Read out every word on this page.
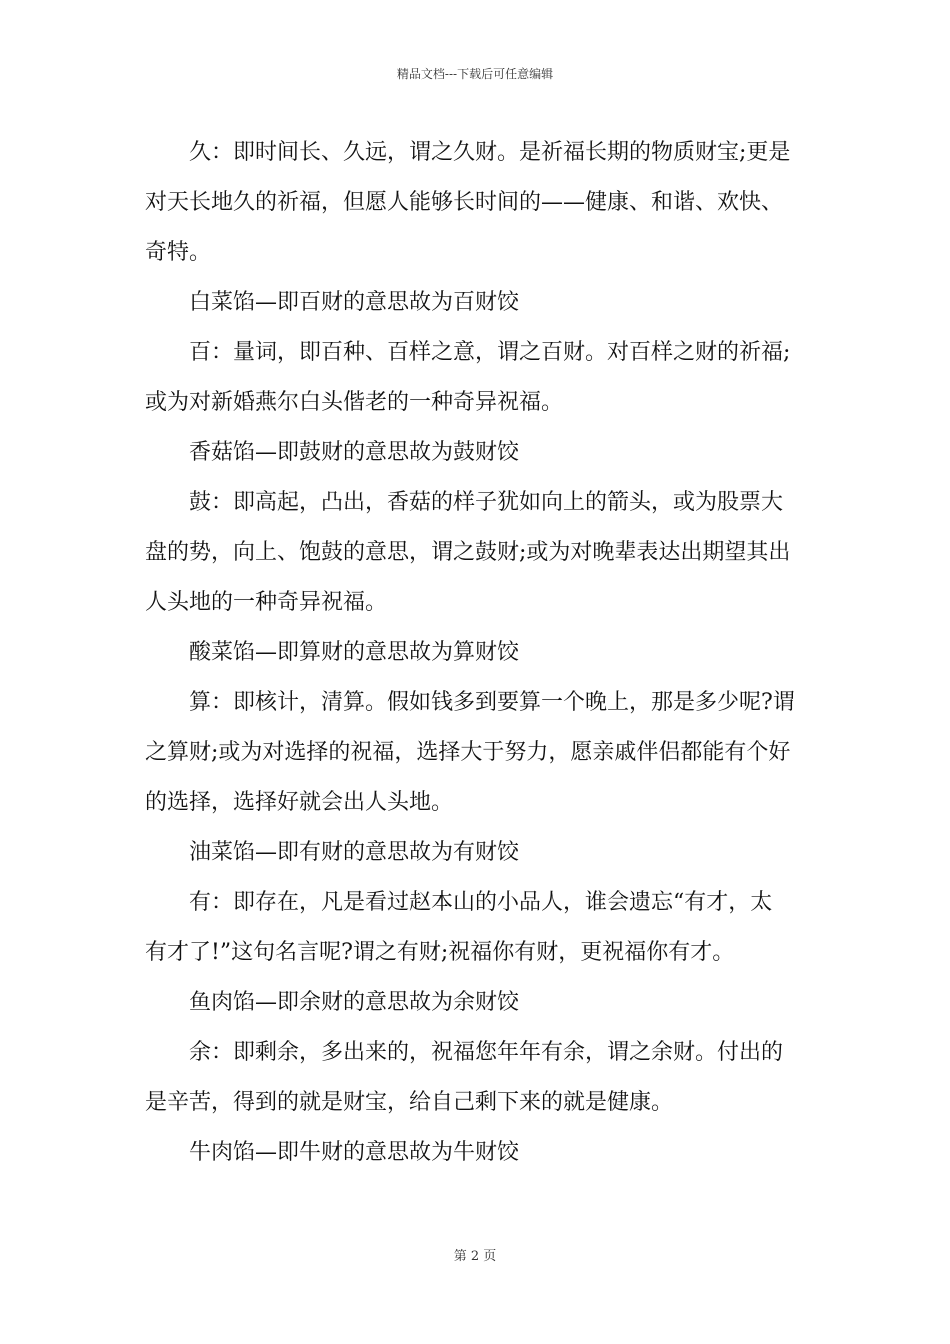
精品文档---下载后可任意编辑
久：即时间长、久远，谓之久财。是祈福长期的物质财宝;更是
对天长地久的祈福，但愿人能够长时间的——健康、和谐、欢快、
奇特。
白菜馅—即百财的意思故为百财饺
百：量词，即百种、百样之意，谓之百财。对百样之财的祈福;
或为对新婚燕尔白头偕老的一种奇异祝福。
香菇馅—即鼓财的意思故为鼓财饺
鼓：即高起，凸出，香菇的样子犹如向上的箭头，或为股票大
盘的势，向上、饱鼓的意思，谓之鼓财;或为对晚辈表达出期望其出
人头地的一种奇异祝福。
酸菜馅—即算财的意思故为算财饺
算：即核计，清算。假如钱多到要算一个晚上，那是多少呢?谓
之算财;或为对选择的祝福，选择大于努力，愿亲戚伴侣都能有个好
的选择，选择好就会出人头地。
油菜馅—即有财的意思故为有财饺
有：即存在，凡是看过赵本山的小品人，谁会遗忘“有才，太
有才了!”这句名言呢?谓之有财;祝福你有财，更祝福你有才。
鱼肉馅—即余财的意思故为余财饺
余：即剩余，多出来的，祝福您年年有余，谓之余财。付出的
是辛苦，得到的就是财宝，给自己剩下来的就是健康。
牛肉馅—即牛财的意思故为牛财饺
第 2 页
